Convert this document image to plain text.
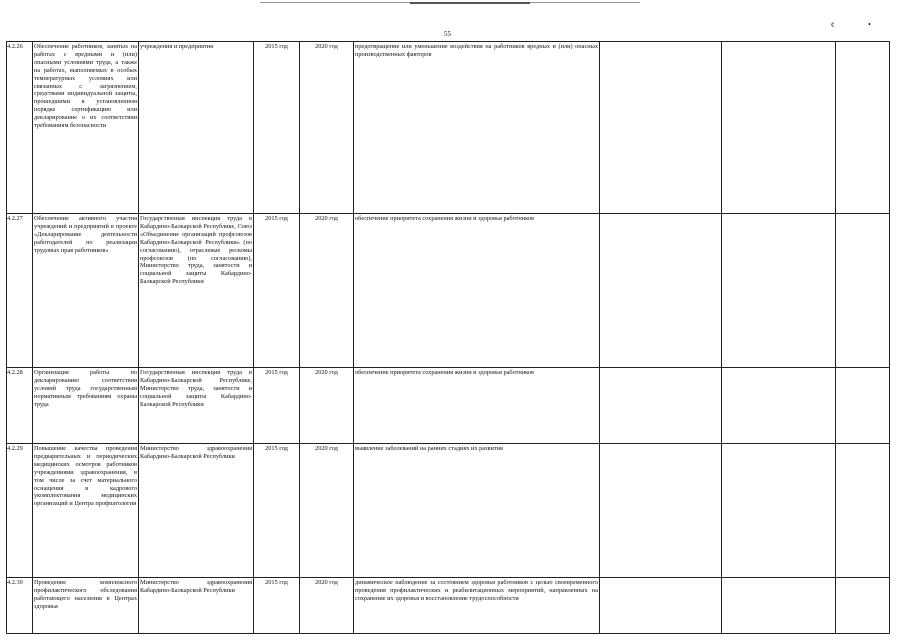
55
¢	•
4.2.26	Обеспечение работников, занятых на работах с вредными и (или) опасными условиями труда, а также на работах, выполняемых в особых температурных условиях или связанных с загрязнением, средствами индивидуальной защиты, прошедшими в установленном порядке сертификацию или декларирование о их соответствии требованиям безопасности	учреждения и предприятия	2015 год	2020 год	предотвращение или уменьшение воздействия на работников вредных и (или) опасных производственных факторов			
4.2.27	Обеспечение активного участия учреждений и предприятий в проекте «Декларирование деятельности работодателей по реализации трудовых прав работников»	Государственная инспекция труда в Кабардино-Балкарской Республике, Союз «Объединение организаций профсоюзов Кабардино-Балкарской Республики» (по согласованию), отраслевые рескомы профсоюзов (по согласованию), Министерство труда, занятости и социальной защиты Кабардино-Балкарской Республики	2015 год	2020 год	обеспечение приоритета сохранения жизни и здоровья работников			
4.2.28	Организация работы по декларированию соответствия условий труда государственным нормативным требованиям охраны труда	Государственная инспекция труда в Кабардино-Балкарской Республике, Министерство труда, занятости и социальной защиты Кабардино-Балкарской Республики	2015 год	2020 год	обеспечение приоритета сохранения жизни и здоровья работников			
4.2.29	Повышение качества проведения предварительных и периодических медицинских осмотров работников учреждениями здравоохранения, в том числе за счет материального оснащения и кадрового укомплектования медицинских организаций и Центра профпатологии	Министерство здравоохранения Кабардино-Балкарской Республики	2015 год	2020 год	выявление заболеваний на ранних стадиях их развития			
4.2.30	Проведение комплексного профилактического обследования работающего населения в Центрах здоровья	Министерство здравоохранения Кабардино-Балкарской Республики	2015 год	2020 год	динамическое наблюдение за состоянием здоровья работников с целью своевременного проведения профилактических и реабилитационных мероприятий, направленных на сохранение их здоровья и восстановление трудоспособности			
